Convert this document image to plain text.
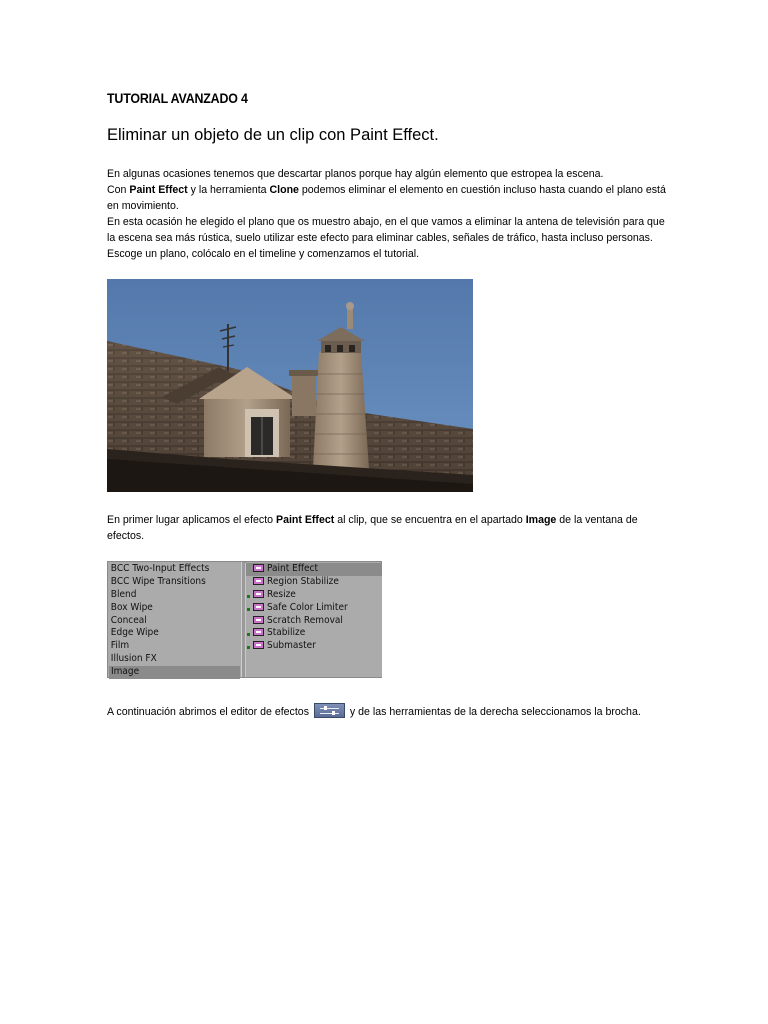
TUTORIAL AVANZADO 4
Eliminar un objeto de un clip con Paint Effect.
En algunas ocasiones tenemos que descartar planos porque hay algún elemento que estropea la escena.
Con Paint Effect y la herramienta Clone podemos eliminar el elemento en cuestión incluso hasta cuando el plano está en movimiento.
En esta ocasión he elegido el plano que os muestro abajo, en el que vamos a eliminar la antena de televisión para que la escena sea más rústica, suelo utilizar este efecto para eliminar cables, señales de tráfico, hasta incluso personas. Escoge un plano, colócalo en el timeline y comenzamos el tutorial.
En primer lugar aplicamos el efecto Paint Effect al clip, que se encuentra en el apartado Image de la ventana de efectos.
BCC Two-Input Effects
BCC Wipe Transitions
Blend
Box Wipe
Conceal
Edge Wipe
Film
Illusion FX
Image
Paint Effect
Region Stabilize
Resize
Safe Color Limiter
Scratch Removal
Stabilize
Submaster
A continuación abrimos el editor de efectos	y de las herramientas de la derecha seleccionamos la brocha.
